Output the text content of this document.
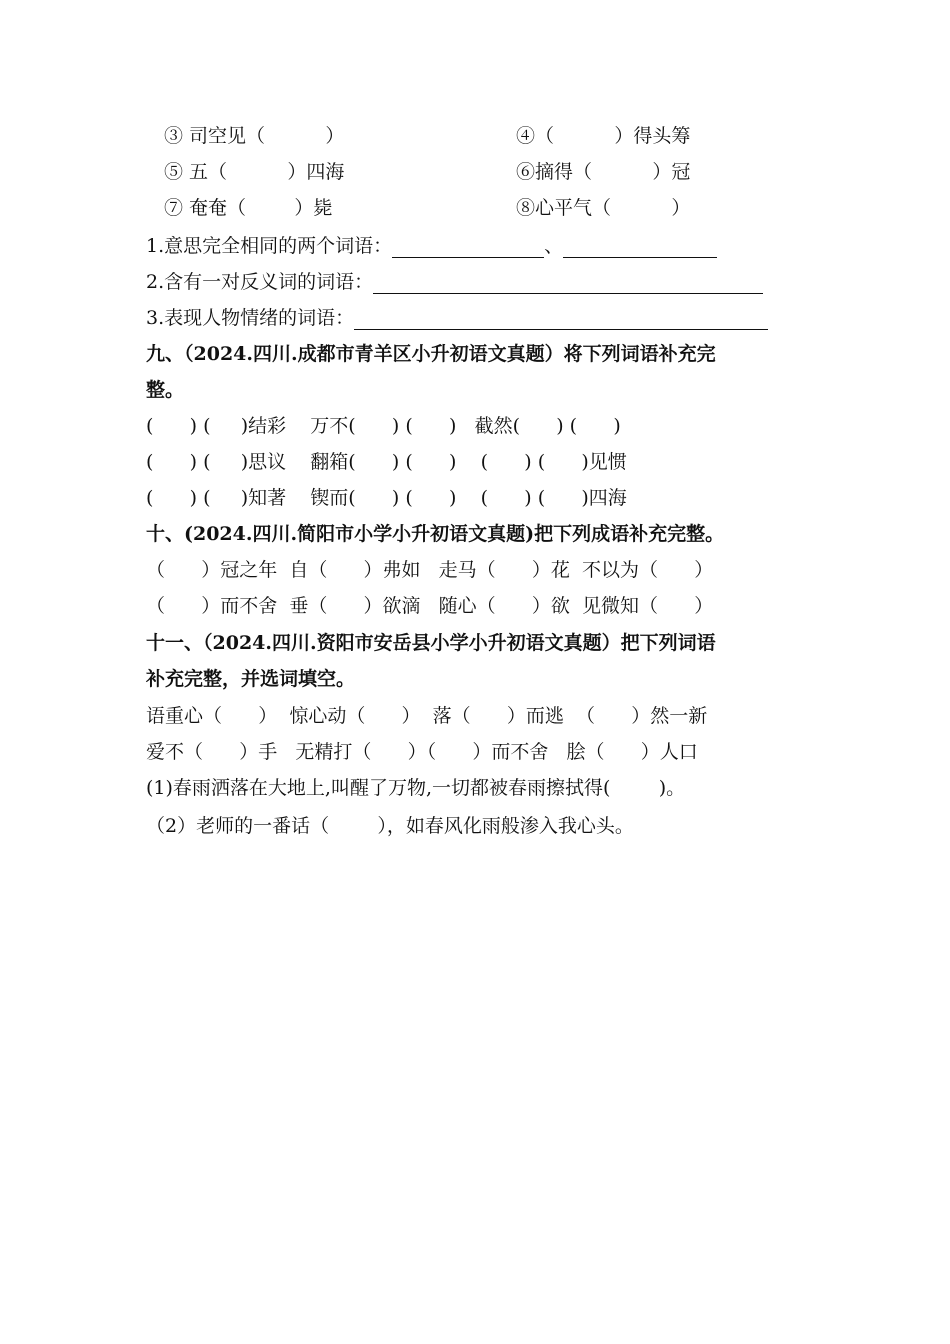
③ 司空见（          ）	④（          ）得头筹
⑤ 五（          ）四海	⑥摘得（          ）冠
⑦ 奄奄（        ）毙	⑧心平气（          ）
1.意思完全相同的两个词语：	、
2.含有一对反义词的词语：
3.表现人物情绪的词语：
九、（2024.四川.成都市青羊区小升初语文真题）将下列词语补充完
整。
(      ) (     )结彩    万不(      ) (      )   截然(      ) (      )
(      ) (     )思议    翻箱(      ) (      )    (      ) (      )见惯
(      ) (     )知著    锲而(      ) (      )    (      ) (      )四海
十、(2024.四川.简阳市小学小升初语文真题)把下列成语补充完整。
（      ）冠之年  自（      ）弗如   走马（      ）花  不以为（      ）
（      ）而不舍  垂（      ）欲滴   随心（      ）欲  见微知（      ）
十一、（2024.四川.资阳市安岳县小学小升初语文真题）把下列词语
补充完整，并选词填空。
语重心（      ）  惊心动（      ）  落（      ）而逃  （      ）然一新
爱不（      ）手   无精打（      ）（      ）而不舍   脍（      ）人口
(1)春雨洒落在大地上,叫醒了万物,一切都被春雨擦拭得(        )。
（2）老师的一番话（        ），如春风化雨般渗入我心头。
